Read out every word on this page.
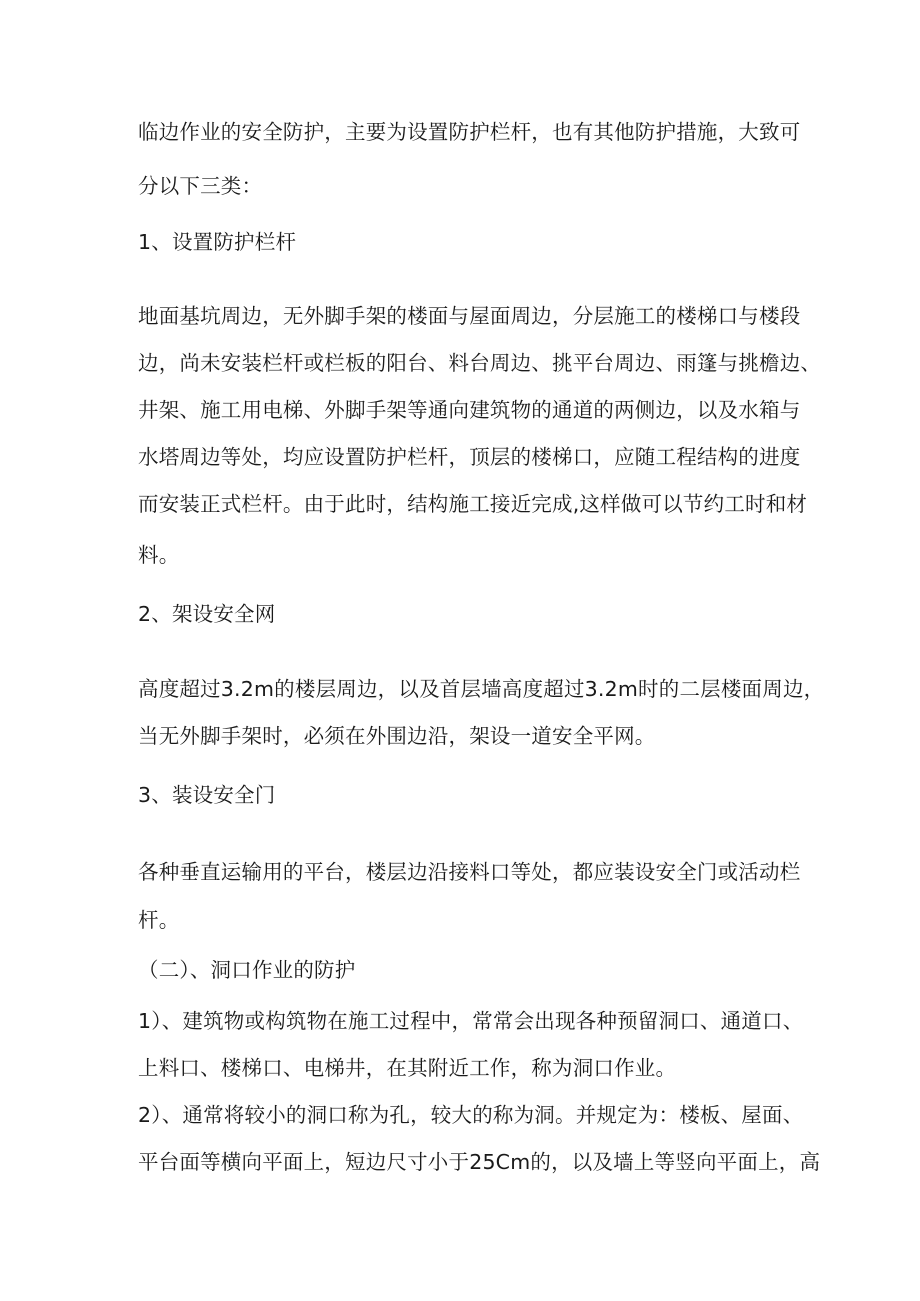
临边作业的安全防护，主要为设置防护栏杆，也有其他防护措施，大致可
分以下三类：
1、设置防护栏杆
地面基坑周边，无外脚手架的楼面与屋面周边，分层施工的楼梯口与楼段
边，尚未安装栏杆或栏板的阳台、料台周边、挑平台周边、雨篷与挑檐边、
井架、施工用电梯、外脚手架等通向建筑物的通道的两侧边，以及水箱与
水塔周边等处，均应设置防护栏杆，顶层的楼梯口，应随工程结构的进度
而安装正式栏杆。由于此时，结构施工接近完成,这样做可以节约工时和材
料。
2、架设安全网
高度超过3.2m的楼层周边，以及首层墙高度超过3.2m时的二层楼面周边，
当无外脚手架时，必须在外围边沿，架设一道安全平网。
3、装设安全门
各种垂直运输用的平台，楼层边沿接料口等处，都应装设安全门或活动栏
杆。
（二）、洞口作业的防护
1）、建筑物或构筑物在施工过程中，常常会出现各种预留洞口、通道口、
上料口、楼梯口、电梯井，在其附近工作，称为洞口作业。
2）、通常将较小的洞口称为孔，较大的称为洞。并规定为：楼板、屋面、
平台面等横向平面上，短边尺寸小于25Cm的，以及墙上等竖向平面上，高
